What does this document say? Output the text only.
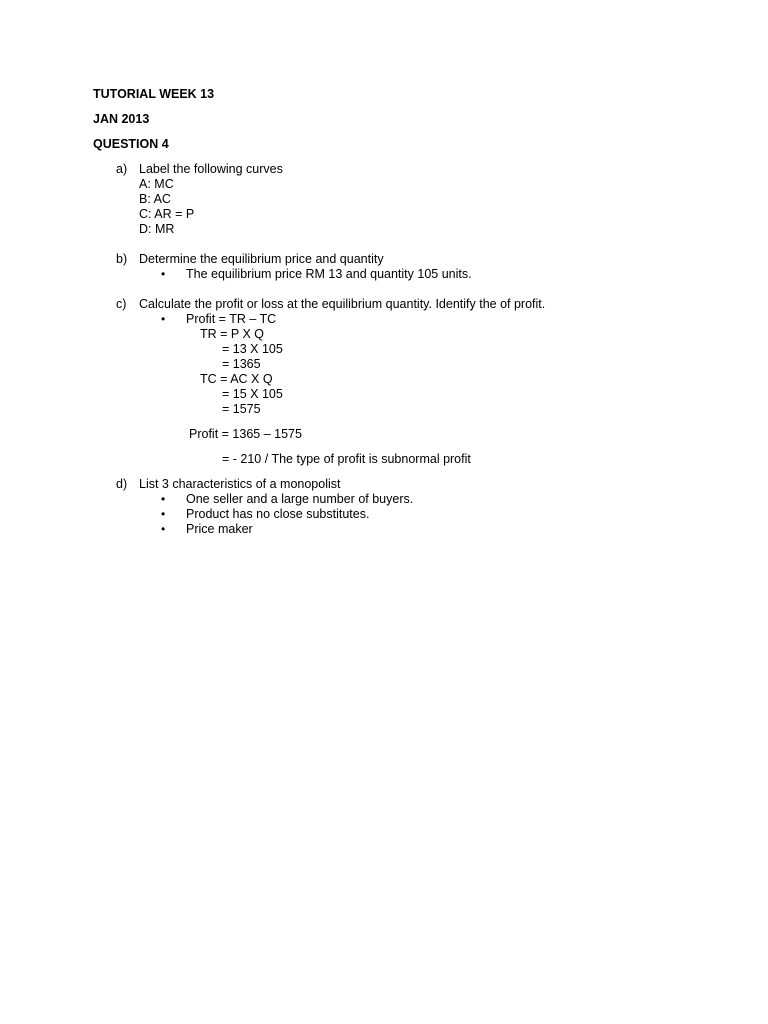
TUTORIAL WEEK 13
JAN 2013
QUESTION 4
a) Label the following curves
A: MC
B: AC
C: AR = P
D: MR
b) Determine the equilibrium price and quantity
• The equilibrium price RM 13 and quantity 105 units.
c) Calculate the profit or loss at the equilibrium quantity. Identify the of profit.
• Profit = TR – TC
TR = P X Q
= 13 X 105
= 1365
TC = AC X Q
= 15 X 105
= 1575
Profit = 1365 – 1575
= - 210 / The type of profit is subnormal profit
d) List 3 characteristics of a monopolist
• One seller and a large number of buyers.
• Product has no close substitutes.
• Price maker
